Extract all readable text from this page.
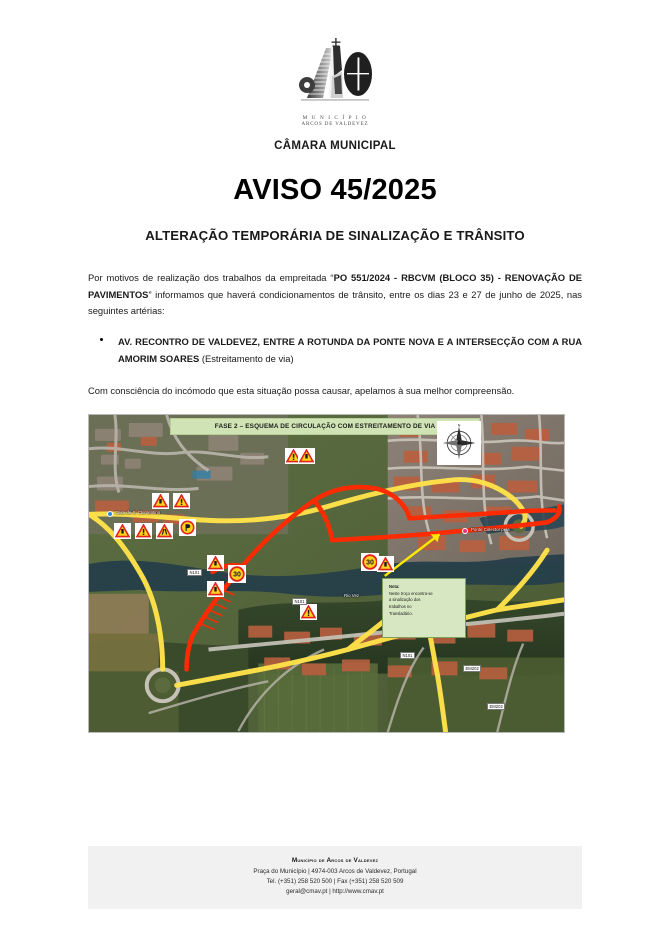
M U N I C Í P I O
ARCOS DE VALDEVEZ
CÂMARA MUNICIPAL
AVISO 45/2025
ALTERAÇÃO TEMPORÁRIA DE SINALIZAÇÃO E TRÂNSITO

Por motivos de realização dos trabalhos da empreitada “PO 551/2024 - RBCVM (BLOCO 35) - RENOVAÇÃO DE PAVIMENTOS” informamos que haverá condicionamentos de trânsito, entre os dias 23 e 27 de junho de 2025, nas seguintes artérias:

AV. RECONTRO DE VALDEVEZ, ENTRE A ROTUNDA DA PONTE NOVA E A INTERSECÇÃO COM A RUA AMORIM SOARES (Estreitamento de via)

Com consciência do incómodo que esta situação possa causar, apelamos à sua melhor compreensão.

FASE 2 – ESQUEMA DE CIRCULAÇÃO COM ESTREITAMENTO DE VIA	N
Nota:
Neste troço encontra-se
a sinalização dos
trabalhos no
Transladário.
30
30
Casa de S. Clementino
Rio Vez
Ponte Colector pela
N101
N101
N101
EM202
EM202
Município de Arcos de Valdevez
Praça do Município | 4974-003 Arcos de Valdevez, Portugal
Tel. (+351) 258 520 500 | Fax (+351) 258 520 509
geral@cmav.pt | http://www.cmav.pt
